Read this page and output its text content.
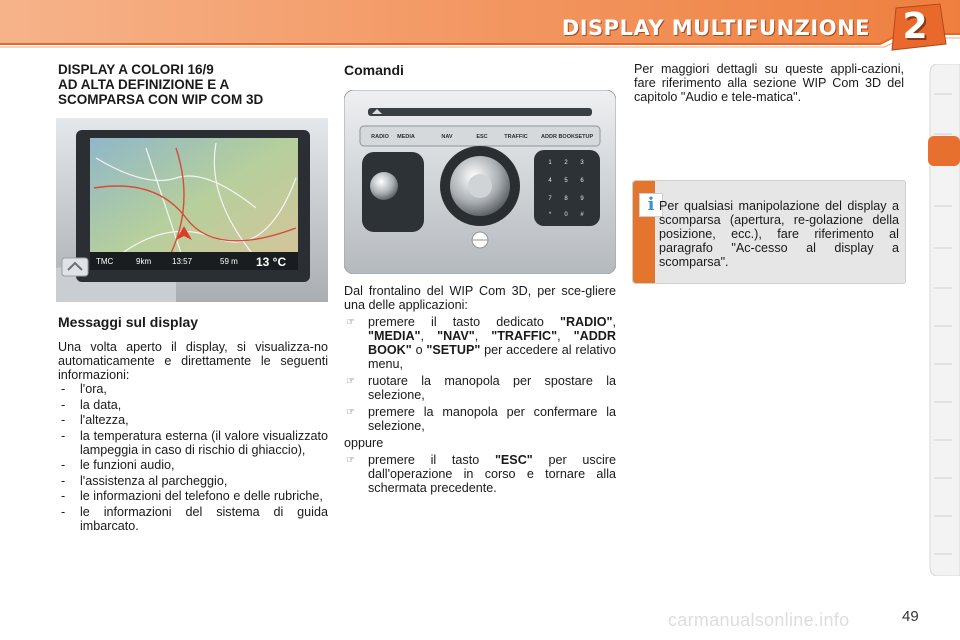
DISPLAY MULTIFUNZIONE 2
DISPLAY A COLORI 16/9
AD ALTA DEFINIZIONE E A
SCOMPARSA CON WIP COM 3D
TMC	9km	13:57	59 m 13 °C
Messaggi sul display

Una volta aperto il display, si visualizza-no automaticamente e direttamente le seguenti informazioni:

- l'ora,
- la data,
- l'altezza,
- la temperatura esterna (il valore visualizzato lampeggia in caso di rischio di ghiaccio),
- le funzioni audio,
- l'assistenza al parcheggio,
- le informazioni del telefono e delle rubriche,
- le informazioni del sistema di guida imbarcato.
Comandi
RADIO MEDIA	NAV	ESC	TRAFFIC ADDR BOOK SETUP
1 2 3
4 5 6
7 8 9
* 0 #

Dal frontalino del WIP Com 3D, per sce-gliere una delle applicazioni:

☞ premere il tasto dedicato "RADIO", "MEDIA", "NAV", "TRAFFIC", "ADDR BOOK" o "SETUP" per accedere al relativo menu,
☞ ruotare la manopola per spostare la selezione,
☞ premere la manopola per confermare la selezione,

oppure

☞ premere il tasto "ESC" per uscire dall'operazione in corso e tornare alla schermata precedente.

Per maggiori dettagli su queste appli-cazioni, fare riferimento alla sezione WIP Com 3D del capitolo "Audio e tele-matica".

i Per qualsiasi manipolazione del display a scomparsa (apertura, re-golazione della posizione, ecc.), fare riferimento al paragrafo "Ac-cesso al display a scomparsa".
49
carmanualsonline.info
